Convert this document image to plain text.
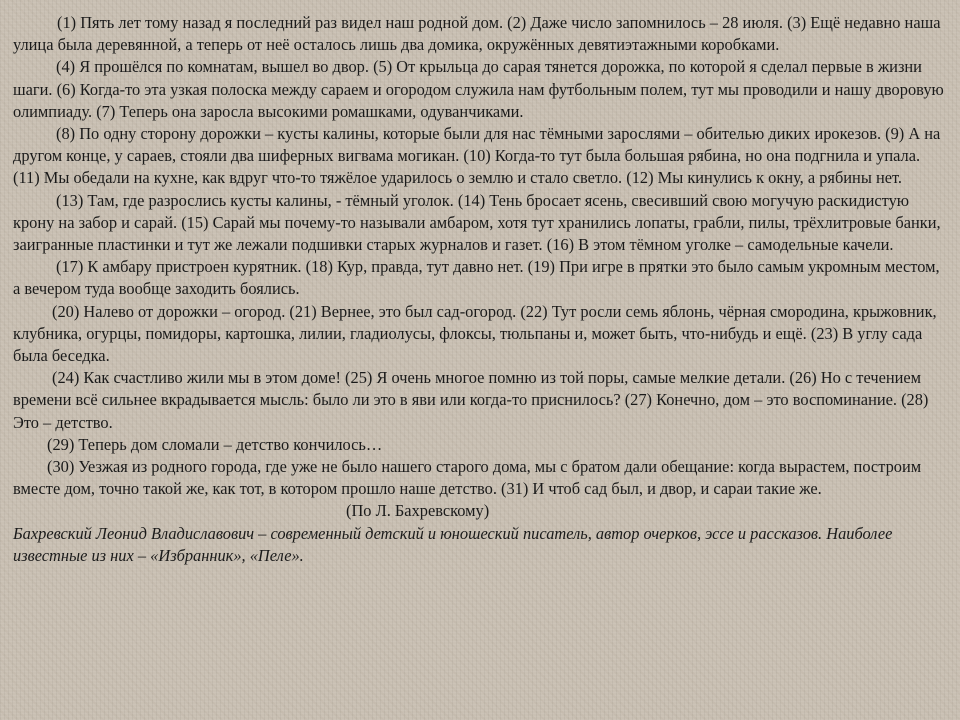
(1) Пять лет тому назад я последний раз видел наш родной дом. (2) Даже число запомнилось – 28 июля. (3) Ещё недавно наша улица была деревянной, а теперь от неё осталось лишь два домика, окружённых девятиэтажными коробками.

(4) Я прошёлся по комнатам, вышел во двор. (5) От крыльца до сарая тянется дорожка, по которой я сделал первые в жизни шаги. (6) Когда-то эта узкая полоска между сараем и огородом служила нам футбольным полем, тут мы проводили и нашу дворовую олимпиаду. (7) Теперь она заросла высокими ромашками, одуванчиками.

(8) По одну сторону дорожки – кусты калины, которые были для нас тёмными зарослями – обителью диких ирокезов. (9) А на другом конце, у сараев, стояли два шиферных вигвама могикан. (10) Когда-то тут была большая рябина, но она подгнила и упала. (11) Мы обедали на кухне, как вдруг что-то тяжёлое ударилось о землю и стало светло. (12) Мы кинулись к окну, а рябины нет.

(13) Там, где разрослись кусты калины, - тёмный уголок. (14) Тень бросает ясень, свесивший свою могучую раскидистую крону на забор и сарай. (15) Сарай мы почему-то называли амбаром, хотя тут хранились лопаты, грабли, пилы, трёхлитровые банки, заигранные пластинки и тут же лежали подшивки старых журналов и газет. (16) В этом тёмном уголке – самодельные качели.

(17) К амбару пристроен курятник. (18) Кур, правда, тут давно нет. (19) При игре в прятки это было самым укромным местом, а вечером туда вообще заходить боялись.

(20) Налево от дорожки – огород. (21) Вернее, это был сад-огород. (22) Тут росли семь яблонь, чёрная смородина, крыжовник, клубника, огурцы, помидоры, картошка, лилии, гладиолусы, флоксы, тюльпаны и, может быть, что-нибудь и ещё. (23) В углу сада была беседка.

(24) Как счастливо жили мы в этом доме! (25) Я очень многое помню из той поры, самые мелкие детали. (26) Но с течением времени всё сильнее вкрадывается мысль: было ли это в яви или когда-то приснилось? (27) Конечно, дом – это воспоминание. (28) Это – детство.

(29) Теперь дом сломали – детство кончилось…

(30) Уезжая из родного города, где уже не было нашего старого дома, мы с братом дали обещание: когда вырастем, построим вместе дом, точно такой же, как тот, в котором прошло наше детство. (31) И чтоб сад был, и двор, и сараи такие же.

(По Л. Бахревскому)

Бахревский Леонид Владиславович – современный детский и юношеский писатель, автор очерков, эссе и рассказов. Наиболее известные из них – «Избранник», «Пеле».
